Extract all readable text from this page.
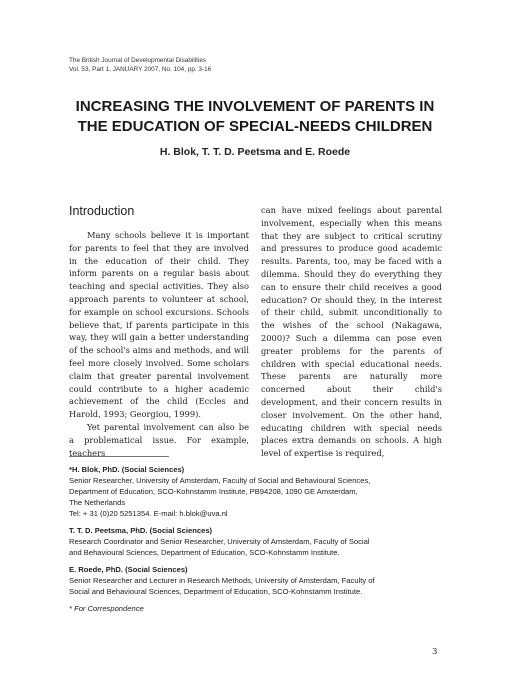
The British Journal of Developmental Disabilities
Vol. 53, Part 1, JANUARY 2007, No. 104, pp. 3-16
INCREASING THE INVOLVEMENT OF PARENTS IN
THE EDUCATION OF SPECIAL-NEEDS CHILDREN
H. Blok, T. T. D. Peetsma and E. Roede
Introduction

Many schools believe it is important for parents to feel that they are involved in the education of their child. They inform parents on a regular basis about teaching and special activities. They also approach parents to volunteer at school, for example on school excursions. Schools believe that, if parents participate in this way, they will gain a better understanding of the school's aims and methods, and will feel more closely involved. Some scholars claim that greater parental involvement could contribute to a higher academic achievement of the child (Eccles and Harold, 1993; Georgiou, 1999).

Yet parental involvement can also be a problematical issue. For example, teachers

can have mixed feelings about parental involvement, especially when this means that they are subject to critical scrutiny and pressures to produce good academic results. Parents, too, may be faced with a dilemma. Should they do everything they can to ensure their child receives a good education? Or should they, in the interest of their child, submit unconditionally to the wishes of the school (Nakagawa, 2000)? Such a dilemma can pose even greater problems for the parents of children with special educational needs. These parents are naturally more concerned about their child's development, and their concern results in closer involvement. On the other hand, educating children with special needs places extra demands on schools. A high level of expertise is required,

*H. Blok, PhD. (Social Sciences)
Senior Researcher, University of Amsterdam, Faculty of Social and Behavioural Sciences,
Department of Education, SCO-Kohnstamm Institute, PB94208, 1090 GE Amsterdam,
The Netherlands
Tel: + 31 (0)20 5251354. E-mail: h.blok@uva.nl
T. T. D. Peetsma, PhD. (Social Sciences)
Research Coordinator and Senior Researcher, University of Amsterdam, Faculty of Social
and Behavioural Sciences, Department of Education, SCO-Kohnstamm Institute.
E. Roede, PhD. (Social Sciences)
Senior Researcher and Lecturer in Research Methods, University of Amsterdam, Faculty of
Social and Behavioural Sciences, Department of Education, SCO-Kohnstamm Institute.
* For Correspondence
3
